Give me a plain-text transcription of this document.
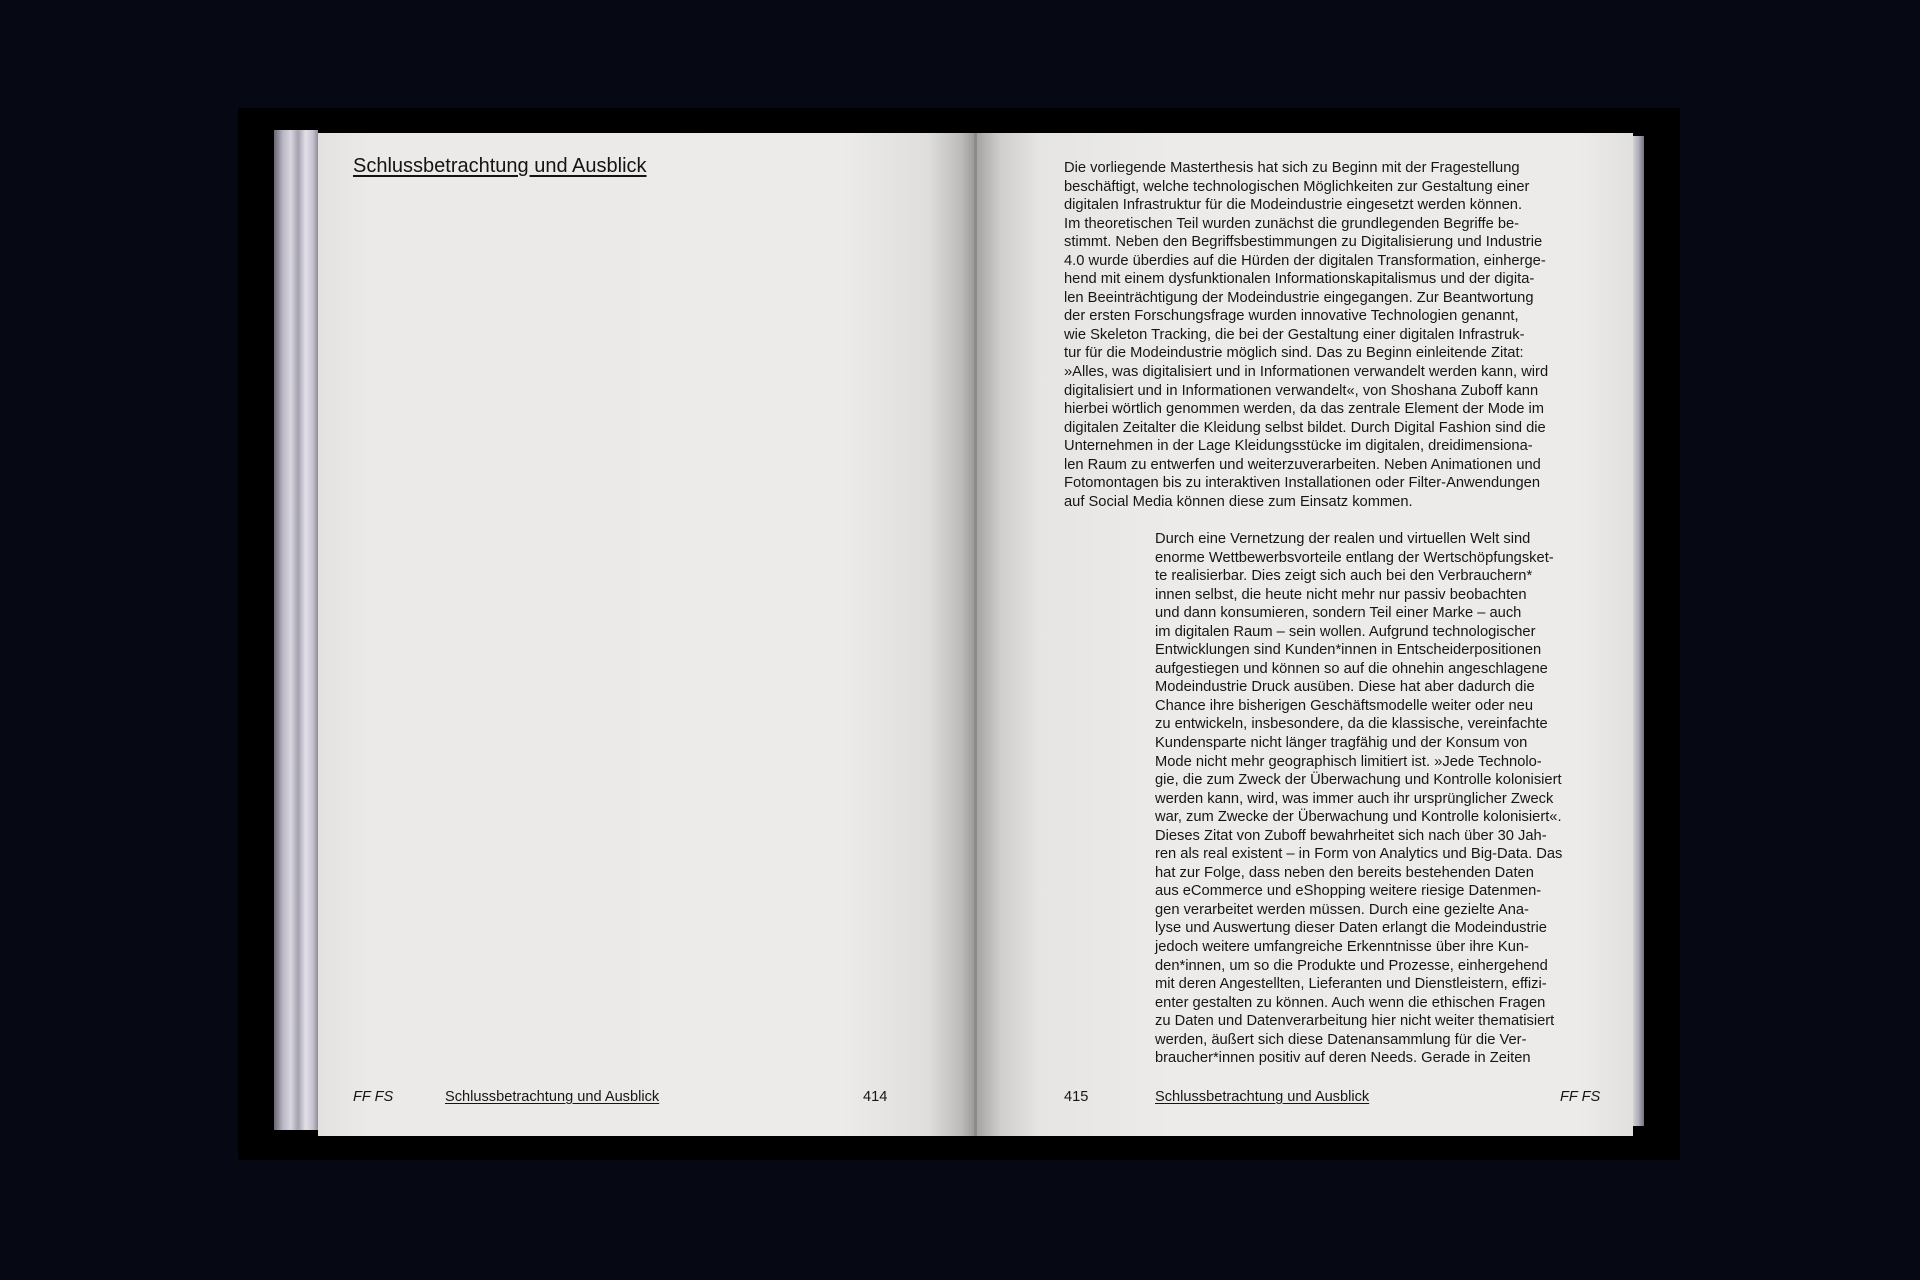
Schlussbetrachtung und Ausblick	Die vorliegende Masterthesis hat sich zu Beginn mit der Fragestellung
beschäftigt, welche technologischen Möglichkeiten zur Gestaltung einer
digitalen Infrastruktur für die Modeindustrie eingesetzt werden können.
Im theoretischen Teil wurden zunächst die grundlegenden Begriffe be-
stimmt. Neben den Begriffsbestimmungen zu Digitalisierung und Industrie
4.0 wurde überdies auf die Hürden der digitalen Transformation, einherge-
hend mit einem dysfunktionalen Informationskapitalismus und der digita-
len Beeinträchtigung der Modeindustrie eingegangen. Zur Beantwortung
der ersten Forschungsfrage wurden innovative Technologien genannt,
wie Skeleton Tracking, die bei der Gestaltung einer digitalen Infrastruk-
tur für die Modeindustrie möglich sind. Das zu Beginn einleitende Zitat:
»Alles, was digitalisiert und in Informationen verwandelt werden kann, wird
digitalisiert und in Informationen verwandelt«, von Shoshana Zuboff kann
hierbei wörtlich genommen werden, da das zentrale Element der Mode im
digitalen Zeitalter die Kleidung selbst bildet. Durch Digital Fashion sind die
Unternehmen in der Lage Kleidungsstücke im digitalen, dreidimensiona-
len Raum zu entwerfen und weiterzuverarbeiten. Neben Animationen und
Fotomontagen bis zu interaktiven Installationen oder Filter-Anwendungen
auf Social Media können diese zum Einsatz kommen.

Durch eine Vernetzung der realen und virtuellen Welt sind
enorme Wettbewerbsvorteile entlang der Wertschöpfungsket-
te realisierbar. Dies zeigt sich auch bei den Verbrauchern*
innen selbst, die heute nicht mehr nur passiv beobachten
und dann konsumieren, sondern Teil einer Marke – auch
im digitalen Raum – sein wollen. Aufgrund technologischer
Entwicklungen sind Kunden*innen in Entscheiderpositionen
aufgestiegen und können so auf die ohnehin angeschlagene
Modeindustrie Druck ausüben. Diese hat aber dadurch die
Chance ihre bisherigen Geschäftsmodelle weiter oder neu
zu entwickeln, insbesondere, da die klassische, vereinfachte
Kundensparte nicht länger tragfähig und der Konsum von
Mode nicht mehr geographisch limitiert ist. »Jede Technolo-
gie, die zum Zweck der Überwachung und Kontrolle kolonisiert
werden kann, wird, was immer auch ihr ursprünglicher Zweck
war, zum Zwecke der Überwachung und Kontrolle kolonisiert«.
Dieses Zitat von Zuboff bewahrheitet sich nach über 30 Jah-
ren als real existent – in Form von Analytics und Big-Data. Das
hat zur Folge, dass neben den bereits bestehenden Daten
aus eCommerce und eShopping weitere riesige Datenmen-
gen verarbeitet werden müssen. Durch eine gezielte Ana-
lyse und Auswertung dieser Daten erlangt die Modeindustrie
jedoch weitere umfangreiche Erkenntnisse über ihre Kun-
den*innen, um so die Produkte und Prozesse, einhergehend
mit deren Angestellten, Lieferanten und Dienstleistern, effizi-
enter gestalten zu können. Auch wenn die ethischen Fragen
zu Daten und Datenverarbeitung hier nicht weiter thematisiert
werden, äußert sich diese Datenansammlung für die Ver-
braucher*innen positiv auf deren Needs. Gerade in Zeiten

FF FS	Schlussbetrachtung und Ausblick	414	415	Schlussbetrachtung und Ausblick	FF FS
